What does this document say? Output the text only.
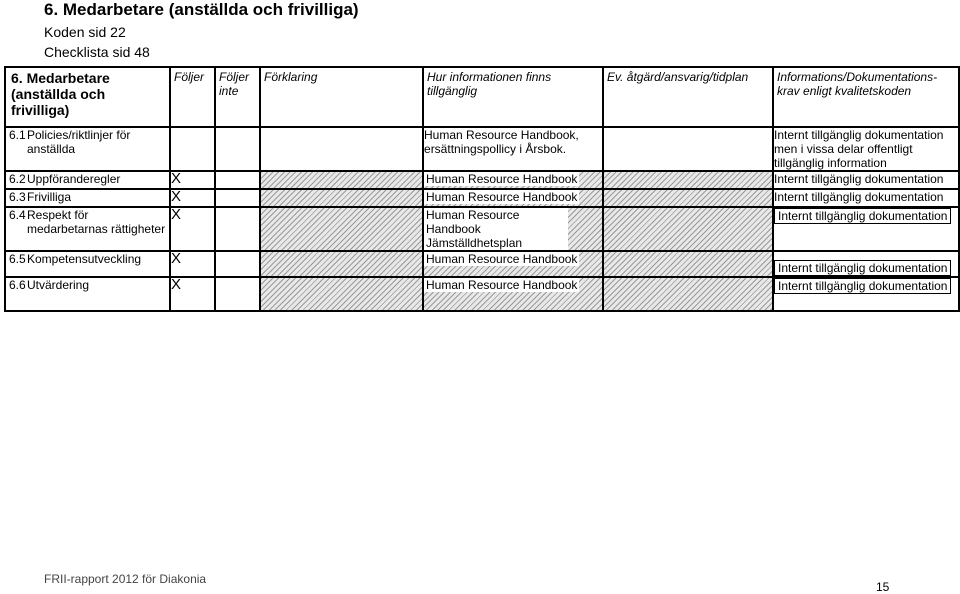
6. Medarbetare (anställda och frivilliga)
Koden sid 22
Checklista sid 48
6. Medarbetare (anställda och frivilliga)		Följer	Följer inte	Förklaring	Hur informationen finns tillgänglig	Ev. åtgärd/ansvarig/tidplan	Informations/Dokumentations-krav enligt kvalitetskoden
6.1	Policies/riktlinjer för anställda				Human Resource Handbook, ersättningspollicy i Årsbok.		Internt tillgänglig dokumentation men i vissa delar offentligt tillgänglig information
6.2	Uppföranderegler	X			Human Resource Handbook		Internt tillgänglig dokumentation
6.3	Frivilliga	X			Human Resource Handbook		Internt tillgänglig dokumentation
6.4	Respekt för medarbetarnas rättigheter	X			Human Resource Handbook Jämställdhetsplan		Internt tillgänglig dokumentation
6.5	Kompetensutveckling	X			Human Resource Handbook		Internt tillgänglig dokumentation
6.6	Utvärdering	X			Human Resource Handbook		Internt tillgänglig dokumentation
FRII-rapport 2012 för Diakonia
15
